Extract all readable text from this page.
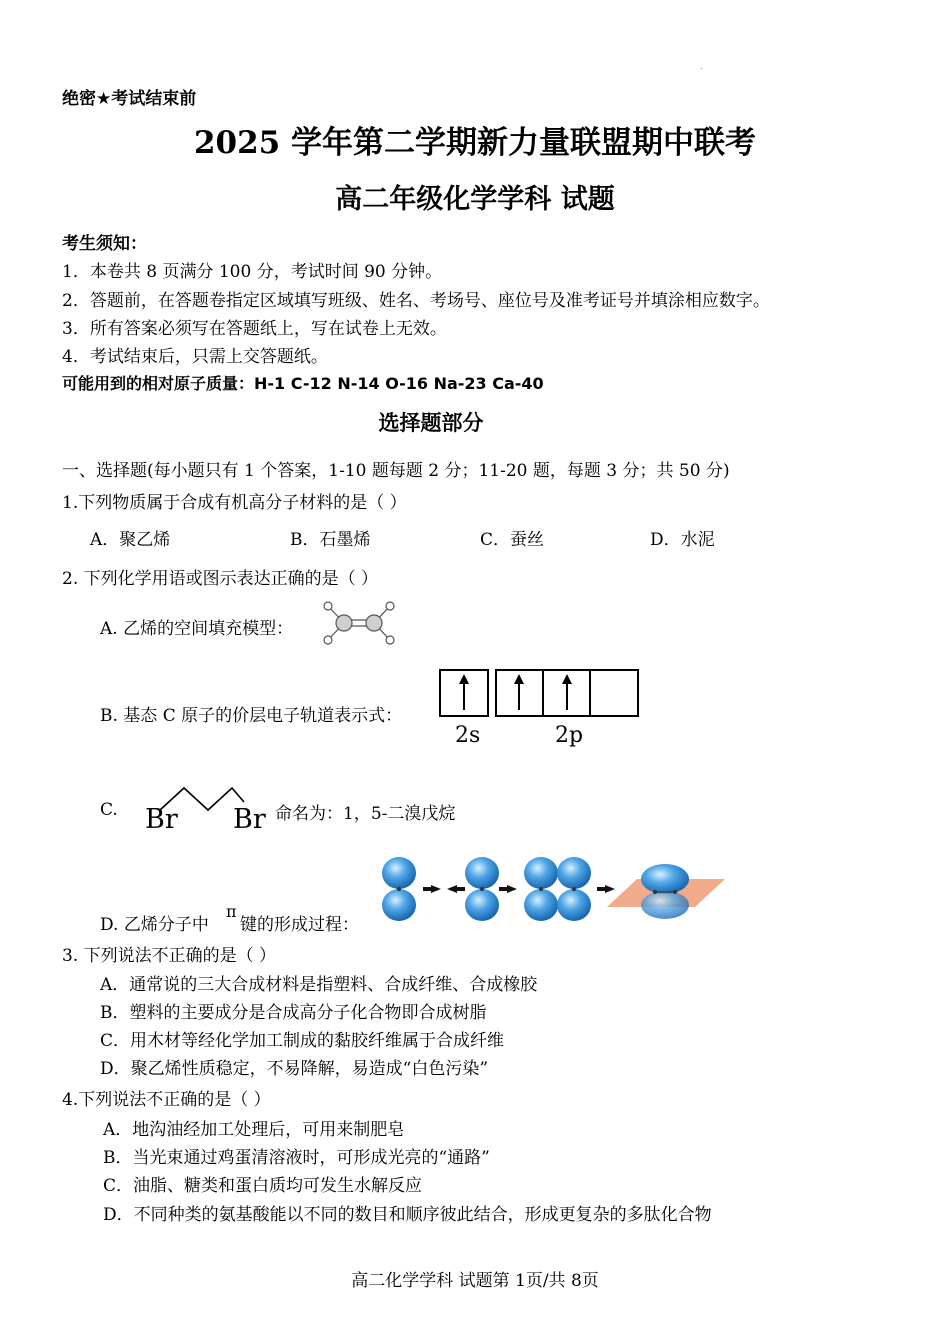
.
绝密★考试结束前
2025 学年第二学期新力量联盟期中联考
高二年级化学学科 试题
考生须知：
1．本卷共 8 页满分 100 分，考试时间 90 分钟。
2．答题前，在答题卷指定区域填写班级、姓名、考场号、座位号及准考证号并填涂相应数字。
3．所有答案必须写在答题纸上，写在试卷上无效。
4．考试结束后，只需上交答题纸。
可能用到的相对原子质量：H-1 C-12 N-14 O-16 Na-23 Ca-40
选择题部分
一、选择题(每小题只有 1 个答案，1-10 题每题 2 分；11-20 题，每题 3 分；共 50 分)
1.下列物质属于合成有机高分子材料的是（ ）
A．聚乙烯	B．石墨烯	C．蚕丝	D．水泥
2. 下列化学用语或图示表达正确的是（ ）
A. 乙烯的空间填充模型：
B. 基态 C 原子的价层电子轨道表示式：
2s	2p
C. Br Br 命名为：1，5-二溴戊烷
D. 乙烯分子中
π
键的形成过程：
3. 下列说法不正确的是（ ）
A．通常说的三大合成材料是指塑料、合成纤维、合成橡胶
B．塑料的主要成分是合成高分子化合物即合成树脂
C．用木材等经化学加工制成的黏胶纤维属于合成纤维
D．聚乙烯性质稳定，不易降解，易造成“白色污染”
4.下列说法不正确的是（ ）
A．地沟油经加工处理后，可用来制肥皂
B．当光束通过鸡蛋清溶液时，可形成光亮的“通路”
C．油脂、糖类和蛋白质均可发生水解反应
D．不同种类的氨基酸能以不同的数目和顺序彼此结合，形成更复杂的多肽化合物
高二化学学科 试题第 1页/共 8页
